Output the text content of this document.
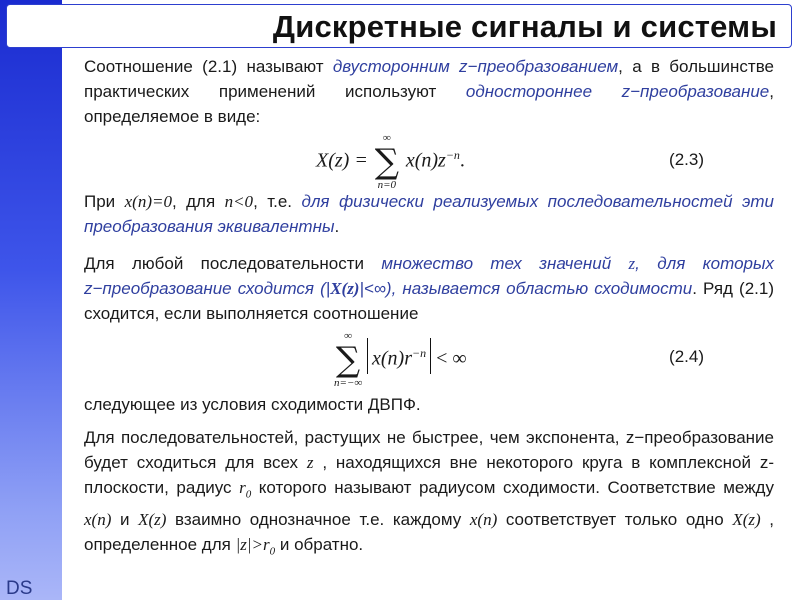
DS
Дискретные сигналы и системы

Соотношение (2.1) называют двусторонним z−преобразованием, а в большинстве практических применений используют одностороннее z−преобразование, определяемое в виде:

X(z) = ∑
∞
n=0
$x(n)z^{-n}$.	(2.3)

При x(n)=0, для n<0, т.е. для физически реализуемых последовательностей эти преобразования эквивалентны.

Для любой последовательности множество тех значений z, для которых z−преобразование сходится (|X(z)|<∞), называется областью сходимости. Ряд (2.1) сходится, если выполняется соотношение

∑
∞
n=−∞
$x(n)r^{-n}$ < ∞	(2.4)

следующее из условия сходимости ДВПФ.

Для последовательностей, растущих не быстрее, чем экспонента, z−преобразование будет сходиться для всех z , находящихся вне некоторого круга в комплексной z-плоскости, радиус $r_0$ которого называют радиусом сходимости. Соответствие между x(n) и X(z) взаимно однозначное т.е. каждому x(n) соответствует только одно X(z) , определенное для $|z|>r_0$ и обратно.
